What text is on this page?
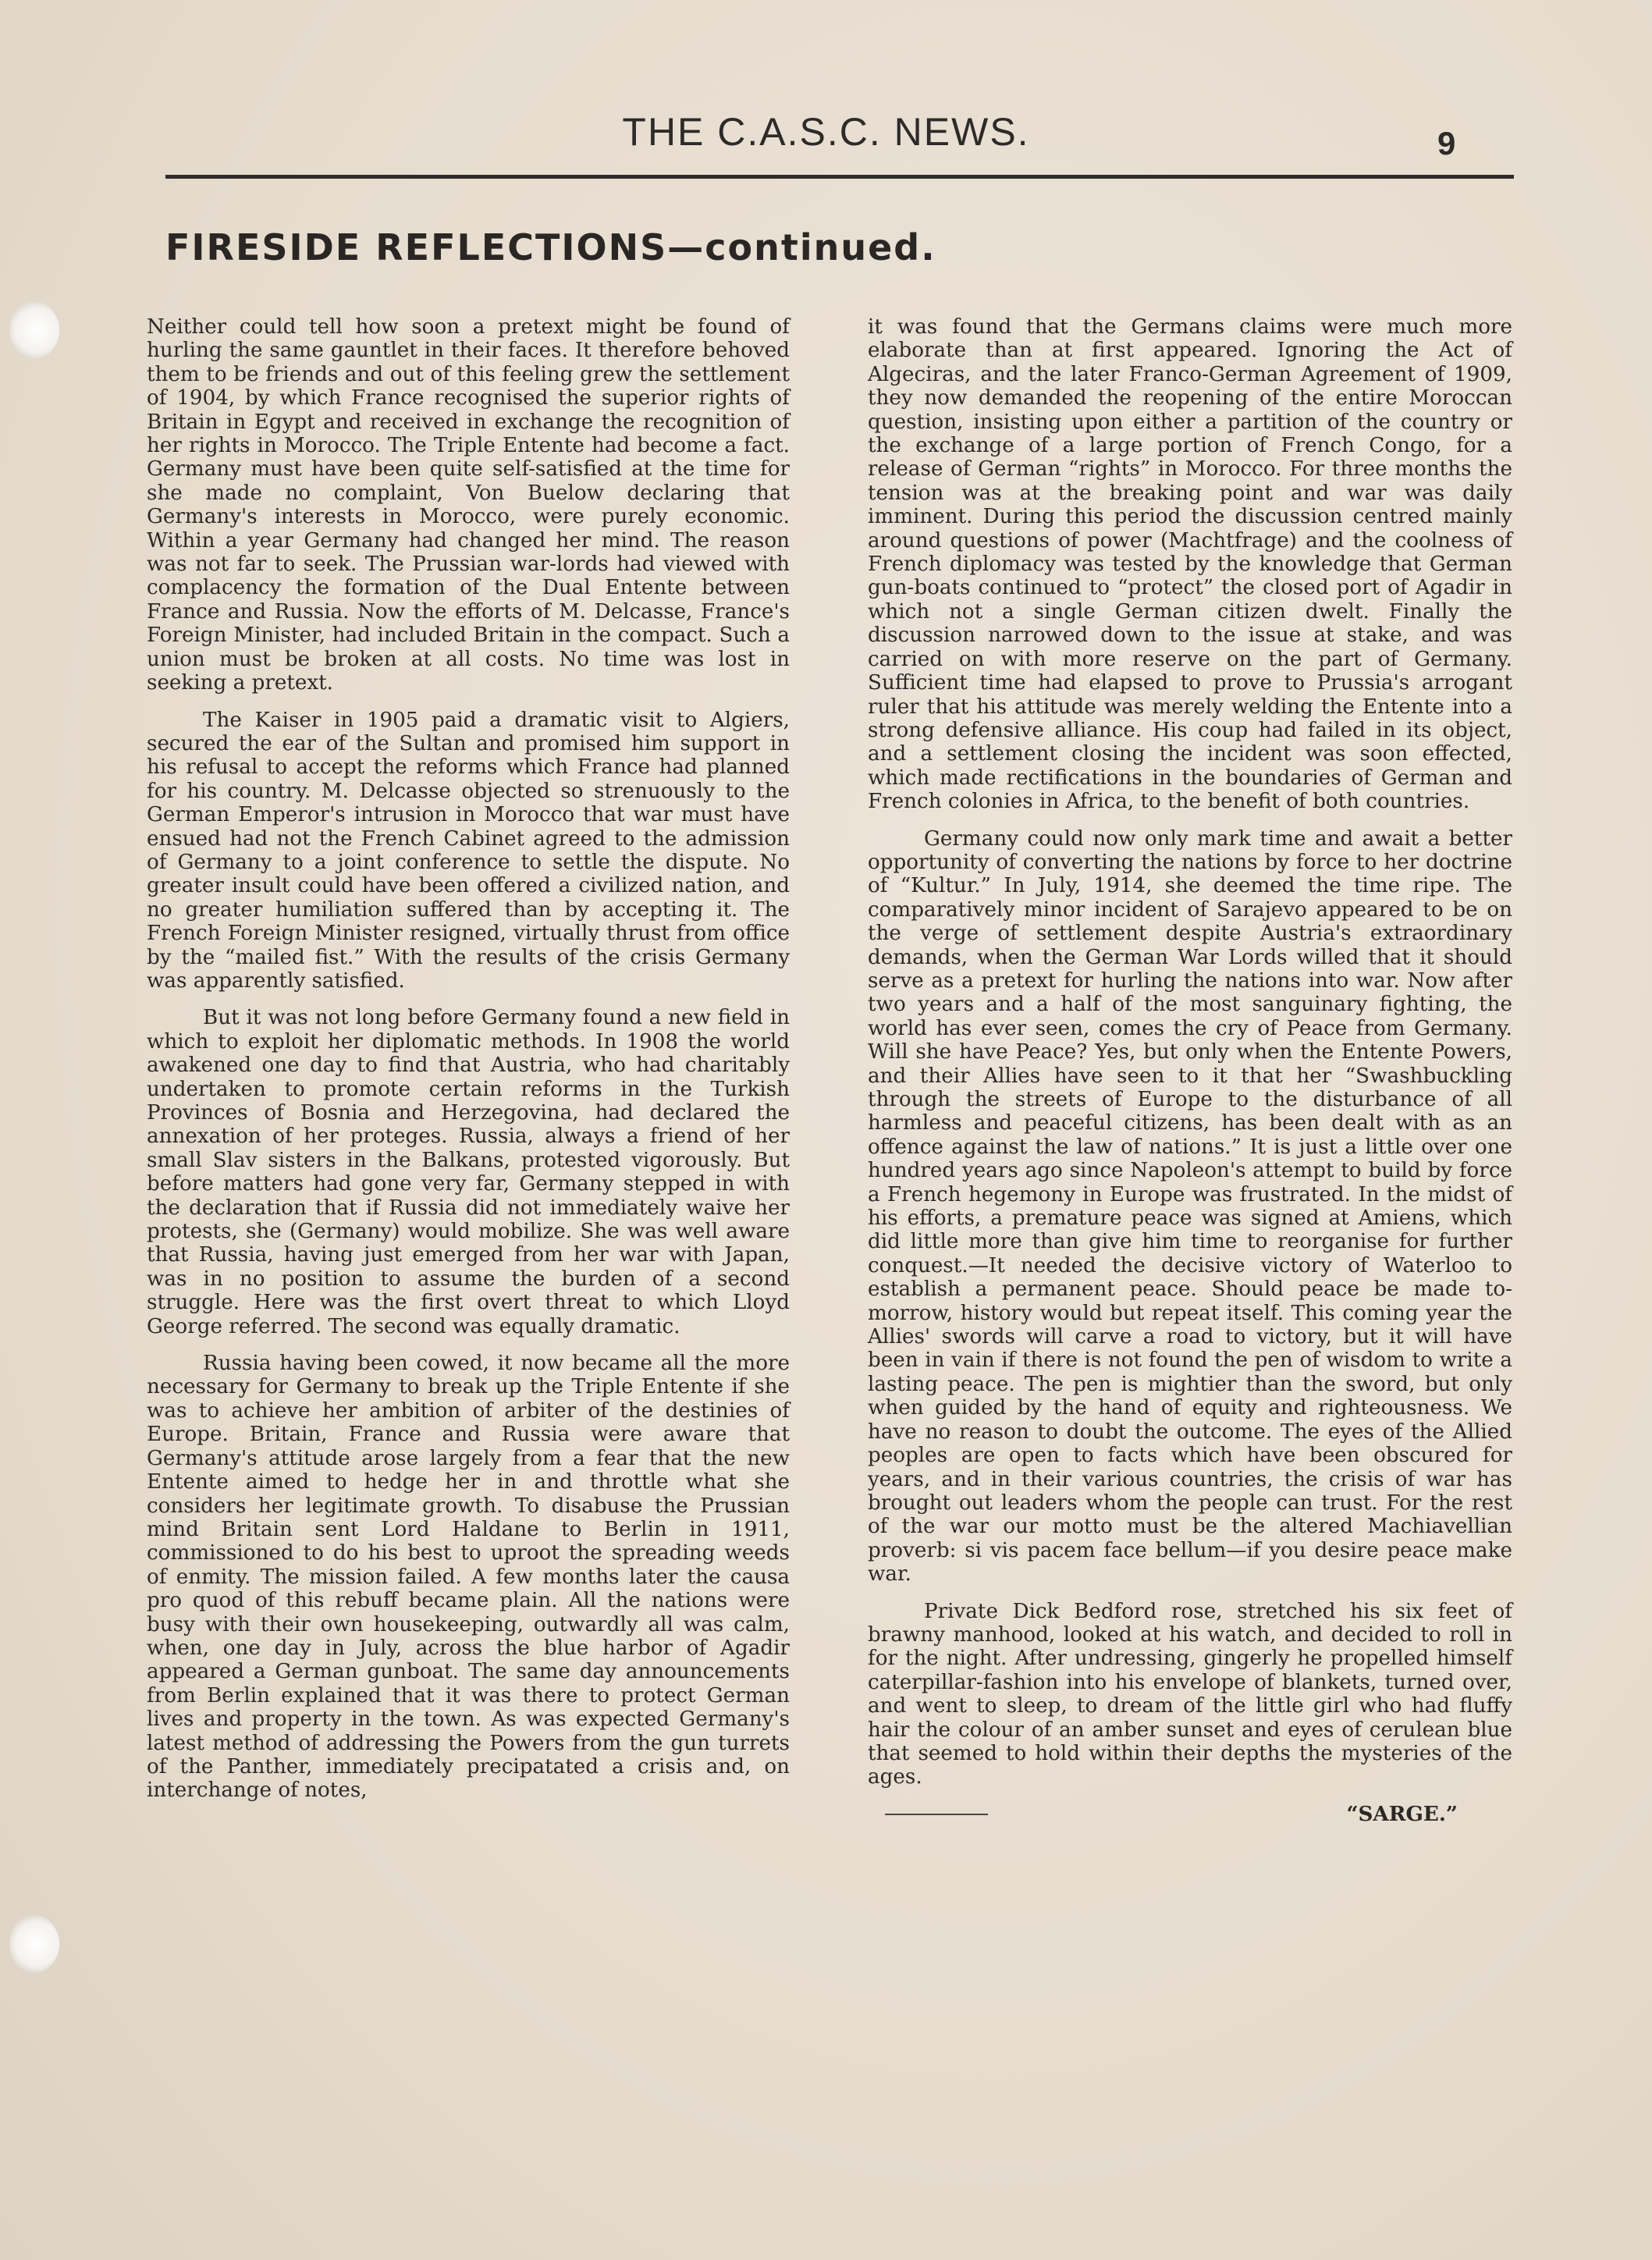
THE C.A.S.C. NEWS.	9
FIRESIDE REFLECTIONS—continued.

Neither could tell how soon a pretext might be found of hurling the same gauntlet in their faces. It therefore behoved them to be friends and out of this feeling grew the settlement of 1904, by which France recognised the superior rights of Britain in Egypt and received in exchange the recognition of her rights in Morocco. The Triple Entente had become a fact. Germany must have been quite self-satisfied at the time for she made no complaint, Von Buelow declaring that Germany's interests in Morocco, were purely economic. Within a year Germany had changed her mind. The reason was not far to seek. The Prussian war-lords had viewed with complacency the formation of the Dual Entente between France and Russia. Now the efforts of M. Delcasse, France's Foreign Minister, had included Britain in the compact. Such a union must be broken at all costs. No time was lost in seeking a pretext.

The Kaiser in 1905 paid a dramatic visit to Algiers, secured the ear of the Sultan and promised him support in his refusal to accept the reforms which France had planned for his country. M. Delcasse objected so strenuously to the German Emperor's intrusion in Morocco that war must have ensued had not the French Cabinet agreed to the admission of Germany to a joint conference to settle the dispute. No greater insult could have been offered a civilized nation, and no greater humiliation suffered than by accepting it. The French Foreign Minister resigned, virtually thrust from office by the “mailed fist.” With the results of the crisis Germany was apparently satisfied.

But it was not long before Germany found a new field in which to exploit her diplomatic methods. In 1908 the world awakened one day to find that Austria, who had charitably undertaken to promote certain reforms in the Turkish Provinces of Bosnia and Herzegovina, had declared the annexation of her proteges. Russia, always a friend of her small Slav sisters in the Balkans, protested vigorously. But before matters had gone very far, Germany stepped in with the declaration that if Russia did not immediately waive her protests, she (Germany) would mobilize. She was well aware that Russia, having just emerged from her war with Japan, was in no position to assume the burden of a second struggle. Here was the first overt threat to which Lloyd George referred. The second was equally dramatic.

Russia having been cowed, it now became all the more necessary for Germany to break up the Triple Entente if she was to achieve her ambition of arbiter of the destinies of Europe. Britain, France and Russia were aware that Germany's attitude arose largely from a fear that the new Entente aimed to hedge her in and throttle what she considers her legitimate growth. To disabuse the Prussian mind Britain sent Lord Haldane to Berlin in 1911, commissioned to do his best to uproot the spreading weeds of enmity. The mission failed. A few months later the causa pro quod of this rebuff became plain. All the nations were busy with their own housekeeping, outwardly all was calm, when, one day in July, across the blue harbor of Agadir appeared a German gunboat. The same day announcements from Berlin explained that it was there to protect German lives and property in the town. As was expected Germany's latest method of addressing the Powers from the gun turrets of the Panther, immediately precipatated a crisis and, on interchange of notes,

it was found that the Germans claims were much more elaborate than at first appeared. Ignoring the Act of Algeciras, and the later Franco-German Agreement of 1909, they now demanded the reopening of the entire Moroccan question, insisting upon either a partition of the country or the exchange of a large portion of French Congo, for a release of German “rights” in Morocco. For three months the tension was at the breaking point and war was daily imminent. During this period the discussion centred mainly around questions of power (Machtfrage) and the coolness of French diplomacy was tested by the knowledge that German gun-boats continued to “protect” the closed port of Agadir in which not a single German citizen dwelt. Finally the discussion narrowed down to the issue at stake, and was carried on with more reserve on the part of Germany. Sufficient time had elapsed to prove to Prussia's arrogant ruler that his attitude was merely welding the Entente into a strong defensive alliance. His coup had failed in its object, and a settlement closing the incident was soon effected, which made rectifications in the boundaries of German and French colonies in Africa, to the benefit of both countries.

Germany could now only mark time and await a better opportunity of converting the nations by force to her doctrine of “Kultur.” In July, 1914, she deemed the time ripe. The comparatively minor incident of Sarajevo appeared to be on the verge of settlement despite Austria's extraordinary demands, when the German War Lords willed that it should serve as a pretext for hurling the nations into war. Now after two years and a half of the most sanguinary fighting, the world has ever seen, comes the cry of Peace from Germany. Will she have Peace? Yes, but only when the Entente Powers, and their Allies have seen to it that her “Swashbuckling through the streets of Europe to the disturbance of all harmless and peaceful citizens, has been dealt with as an offence against the law of nations.” It is just a little over one hundred years ago since Napoleon's attempt to build by force a French hegemony in Europe was frustrated. In the midst of his efforts, a premature peace was signed at Amiens, which did little more than give him time to reorganise for further conquest.—It needed the decisive victory of Waterloo to establish a permanent peace. Should peace be made to-morrow, history would but repeat itself. This coming year the Allies' swords will carve a road to victory, but it will have been in vain if there is not found the pen of wisdom to write a lasting peace. The pen is mightier than the sword, but only when guided by the hand of equity and righteousness. We have no reason to doubt the outcome. The eyes of the Allied peoples are open to facts which have been obscured for years, and in their various countries, the crisis of war has brought out leaders whom the people can trust. For the rest of the war our motto must be the altered Machiavellian proverb: si vis pacem face bellum—if you desire peace make war.

Private Dick Bedford rose, stretched his six feet of brawny manhood, looked at his watch, and decided to roll in for the night. After undressing, gingerly he propelled himself caterpillar-fashion into his envelope of blankets, turned over, and went to sleep, to dream of the little girl who had fluffy hair the colour of an amber sunset and eyes of cerulean blue that seemed to hold within their depths the mysteries of the ages.

“SARGE.”
